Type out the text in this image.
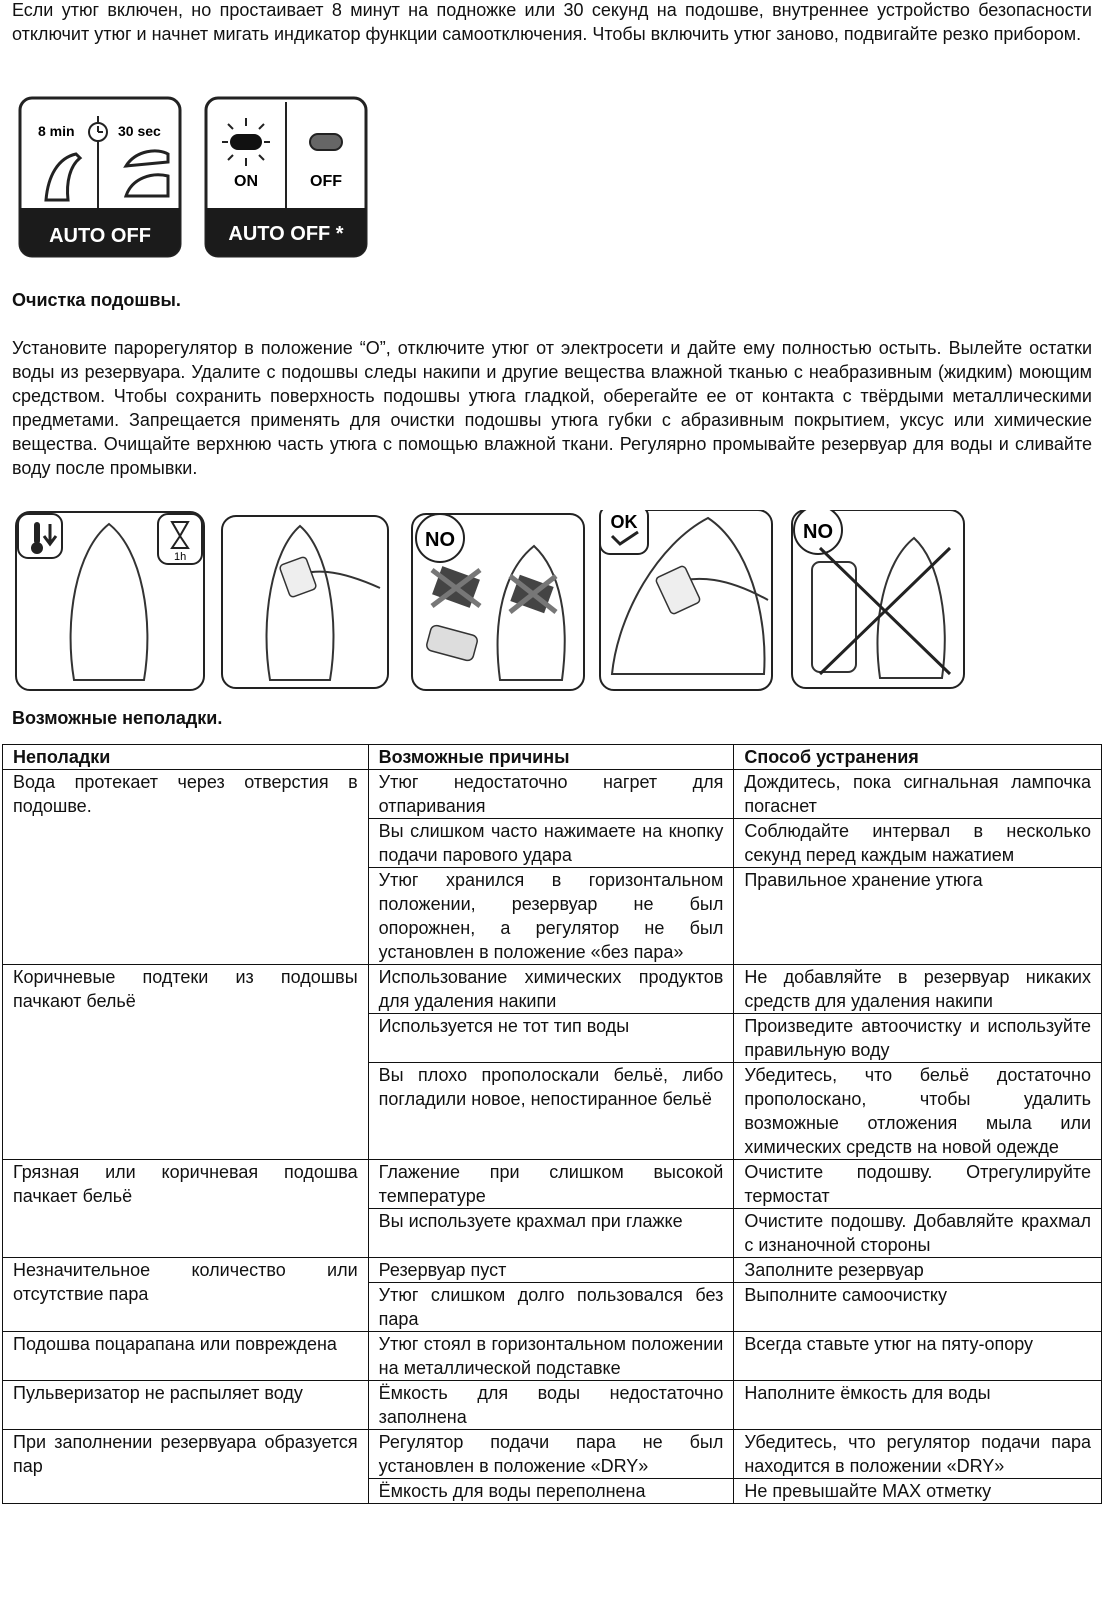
Если утюг включен, но простаивает 8 минут на подножке или 30 секунд на подошве, внутреннее устройство безопасности отключит утюг и начнет мигать индикатор функции самоотключения. Чтобы включить утюг заново, подвигайте резко прибором.
8 min	30 sec
AUTO OFF
ON	OFF
AUTO OFF *
Очистка подошвы.
Установите парорегулятор в положение “O”, отключите утюг от электросети и дайте ему полностью остыть. Вылейте остатки воды из резервуара. Удалите с подошвы следы накипи и другие вещества влажной тканью с неабразивным (жидким) моющим средством. Чтобы сохранить поверхность подошвы утюга гладкой, оберегайте ее от контакта с твёрдыми металлическими предметами. Запрещается применять для очистки подошвы утюга губки с абразивным покрытием, уксус или химические вещества. Очищайте верхнюю часть утюга с помощью влажной ткани. Регулярно промывайте резервуар для воды и сливайте воду после промывки.
1h
NO
OK	NO
Возможные неполадки.
Неполадки	Возможные причины	Способ устранения
Вода протекает через отверстия в подошве.	Утюг недостаточно нагрет для отпаривания	Дождитесь, пока сигнальная лампочка погаснет
	Вы слишком часто нажимаете на кнопку подачи парового удара	Соблюдайте интервал в несколько секунд перед каждым нажатием
	Утюг хранился в горизонтальном положении, резервуар не был опорожнен, а регулятор не был установлен в положение «без пара»	Правильное хранение утюга
Коричневые подтеки из подошвы пачкают бельё	Использование химических продуктов для удаления накипи	Не добавляйте в резервуар никаких средств для удаления накипи
	Используется не тот тип воды	Произведите автоочистку и используйте правильную воду
	Вы плохо прополоскали бельё, либо погладили новое, непостиранное бельё	Убедитесь, что бельё достаточно прополоскано, чтобы удалить возможные отложения мыла или химических средств на новой одежде
Грязная или коричневая подошва пачкает бельё	Глажение при слишком высокой температуре	Очистите подошву. Отрегулируйте термостат
	Вы используете крахмал при глажке	Очистите подошву. Добавляйте крахмал с изнаночной стороны
Незначительное количество или отсутствие пара	Резервуар пуст	Заполните резервуар
	Утюг слишком долго пользовался без пара	Выполните самоочистку
Подошва поцарапана или повреждена	Утюг стоял в горизонтальном положении на металлической подставке	Всегда ставьте утюг на пяту-опору
Пульверизатор не распыляет воду	Ёмкость для воды недостаточно заполнена	Наполните ёмкость для воды
При заполнении резервуара образуется пар	Регулятор подачи пара не был установлен в положение «DRY»	Убедитесь, что регулятор подачи пара находится в положении «DRY»
	Ёмкость для воды переполнена	Не превышайте MAX отметку
